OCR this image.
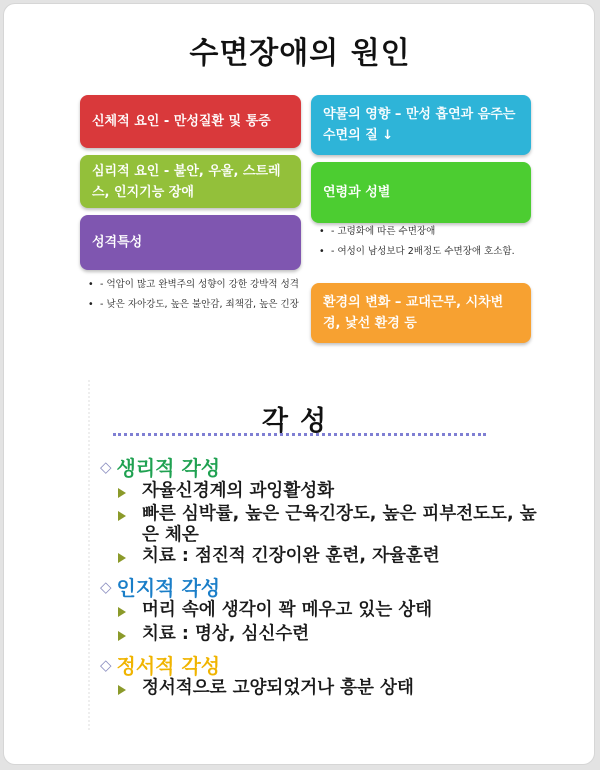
수면장애의 원인
신체적 요인 - 만성질환 및 통증
심리적 요인 - 불안, 우울, 스트레스, 인지기능 장애
성격특성
• - 억압이 많고 완벽주의 성향이 강한 강박적 성격
• - 낮은 자아강도, 높은 불안감, 죄책감, 높은 긴장
약물의 영향 – 만성 흡연과 음주는 수면의 질 ↓
연령과 성별
• - 고령화에 따른 수면장애
• - 여성이 남성보다 2배정도 수면장애 호소함.
환경의 변화 – 교대근무, 시차변경, 낯선 환경 등
각성
◇ 생리적 각성
자율신경계의 과잉활성화
빠른 심박률, 높은 근육긴장도, 높은 피부전도도, 높은 체온
치료 : 점진적 긴장이완 훈련, 자율훈련
◇ 인지적 각성
머리 속에 생각이 꽉 메우고 있는 상태
치료 : 명상, 심신수련
◇ 정서적 각성
정서적으로 고양되었거나 흥분 상태
